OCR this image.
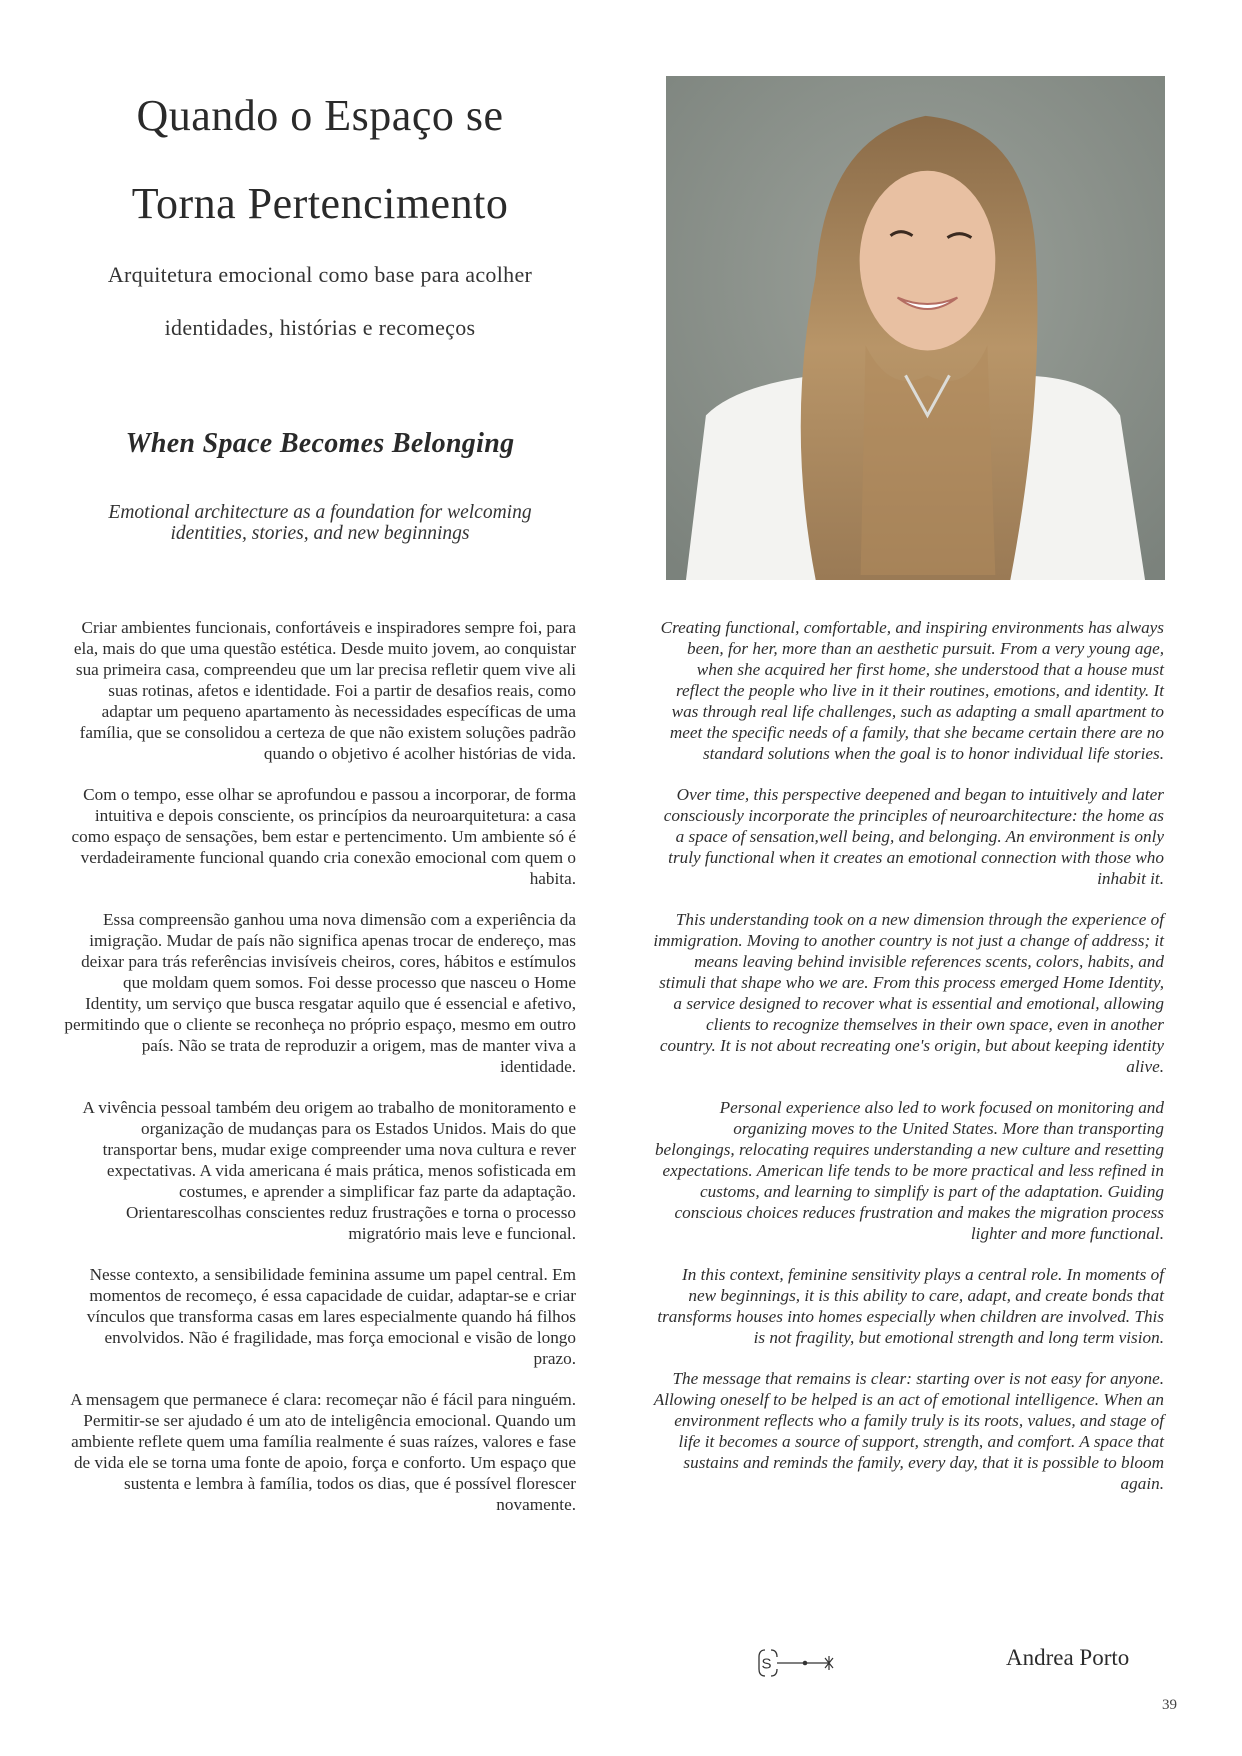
Quando o Espaço se
Torna Pertencimento

Arquitetura emocional como base para acolher

identidades, histórias e recomeços

When Space Becomes Belonging
Emotional architecture as a foundation for welcoming
identities, stories, and new beginnings

Criar ambientes funcionais, confortáveis e inspiradores sempre foi, para ela, mais do que uma questão estética. Desde muito jovem, ao conquistar sua primeira casa, compreendeu que um lar precisa refletir quem vive ali suas rotinas, afetos e identidade. Foi a partir de desafios reais, como adaptar um pequeno apartamento às necessidades específicas de uma família, que se consolidou a certeza de que não existem soluções padrão quando o objetivo é acolher histórias de vida.

Com o tempo, esse olhar se aprofundou e passou a incorporar, de forma intuitiva e depois consciente, os princípios da neuroarquitetura: a casa como espaço de sensações, bem estar e pertencimento. Um ambiente só é verdadeiramente funcional quando cria conexão emocional com quem o habita.

Essa compreensão ganhou uma nova dimensão com a experiência da imigração. Mudar de país não significa apenas trocar de endereço, mas deixar para trás referências invisíveis cheiros, cores, hábitos e estímulos que moldam quem somos. Foi desse processo que nasceu o Home Identity, um serviço que busca resgatar aquilo que é essencial e afetivo, permitindo que o cliente se reconheça no próprio espaço, mesmo em outro país. Não se trata de reproduzir a origem, mas de manter viva a identidade.

A vivência pessoal também deu origem ao trabalho de monitoramento e organização de mudanças para os Estados Unidos. Mais do que transportar bens, mudar exige compreender uma nova cultura e rever expectativas. A vida americana é mais prática, menos sofisticada em costumes, e aprender a simplificar faz parte da adaptação. Orientarescolhas conscientes reduz frustrações e torna o processo migratório mais leve e funcional.

Nesse contexto, a sensibilidade feminina assume um papel central. Em momentos de recomeço, é essa capacidade de cuidar, adaptar-se e criar vínculos que transforma casas em lares especialmente quando há filhos envolvidos. Não é fragilidade, mas força emocional e visão de longo prazo.

A mensagem que permanece é clara: recomeçar não é fácil para ninguém. Permitir-se ser ajudado é um ato de inteligência emocional. Quando um ambiente reflete quem uma família realmente é suas raízes, valores e fase de vida ele se torna uma fonte de apoio, força e conforto. Um espaço que sustenta e lembra à família, todos os dias, que é possível florescer novamente.

Creating functional, comfortable, and inspiring environments has always been, for her, more than an aesthetic pursuit. From a very young age, when she acquired her first home, she understood that a house must reflect the people who live in it their routines, emotions, and identity. It was through real life challenges, such as adapting a small apartment to meet the specific needs of a family, that she became certain there are no standard solutions when the goal is to honor individual life stories.

Over time, this perspective deepened and began to intuitively and later consciously incorporate the principles of neuroarchitecture: the home as a space of sensation,well being, and belonging. An environment is only truly functional when it creates an emotional connection with those who inhabit it.

This understanding took on a new dimension through the experience of immigration. Moving to another country is not just a change of address; it means leaving behind invisible references scents, colors, habits, and stimuli that shape who we are. From this process emerged Home Identity, a service designed to recover what is essential and emotional, allowing clients to recognize themselves in their own space, even in another country. It is not about recreating one's origin, but about keeping identity alive.

Personal experience also led to work focused on monitoring and organizing moves to the United States. More than transporting belongings, relocating requires understanding a new culture and resetting expectations. American life tends to be more practical and less refined in customs, and learning to simplify is part of the adaptation. Guiding conscious choices reduces frustration and makes the migration process lighter and more functional.

In this context, feminine sensitivity plays a central role. In moments of new beginnings, it is this ability to care, adapt, and create bonds that transforms houses into homes especially when children are involved. This is not fragility, but emotional strength and long term vision.

The message that remains is clear: starting over is not easy for anyone. Allowing oneself to be helped is an act of emotional intelligence. When an environment reflects who a family truly is its roots, values, and stage of life it becomes a source of support, strength, and comfort. A space that sustains and reminds the family, every day, that it is possible to bloom again.

S	Andrea Porto
39
